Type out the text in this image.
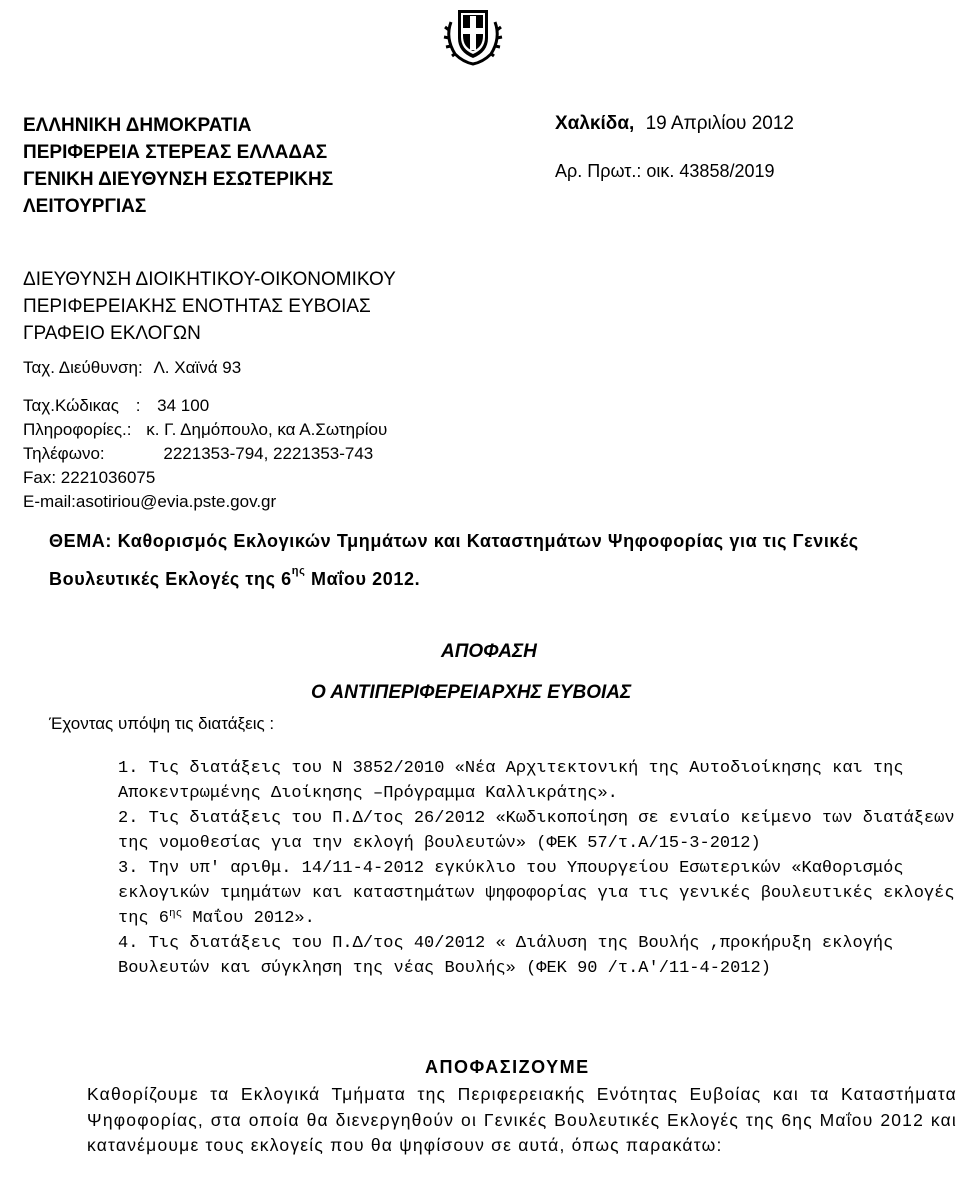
ΕΛΛΗΝΙΚΗ ΔΗΜΟΚΡΑΤΙΑ
ΠΕΡΙΦΕΡΕΙΑ ΣΤΕΡΕΑΣ ΕΛΛΑΔΑΣ
ΓΕΝΙΚΗ ΔΙΕΥΘΥΝΣΗ ΕΣΩΤΕΡΙΚΗΣ
ΛΕΙΤΟΥΡΓΙΑΣ
Χαλκίδα, 19 Απριλίου 2012
Αρ. Πρωτ.: οικ. 43858/2019
ΔΙΕΥΘΥΝΣΗ ΔΙΟΙΚΗΤΙΚΟΥ-ΟΙΚΟΝΟΜΙΚΟΥ
ΠΕΡΙΦΕΡΕΙΑΚΗΣ ΕΝΟΤΗΤΑΣ ΕΥΒΟΙΑΣ
ΓΡΑΦΕΙΟ ΕΚΛΟΓΩΝ
Ταχ. Διεύθυνση: Λ. Χαϊνά 93
Ταχ.Κώδικας : 34 100
Πληροφορίες.: κ. Γ. Δημόπουλο, κα Α.Σωτηρίου
Τηλέφωνο:	2221353-794, 2221353-743
Fax: 2221036075
E-mail:asotiriou@evia.pste.gov.gr
ΘΕΜΑ: Καθορισμός Εκλογικών Τμημάτων και Καταστημάτων Ψηφοφορίας για τις Γενικές
Βουλευτικές Εκλογές της $6^{\eta\varsigma}$ Μαΐου 2012.
ΑΠΟΦΑΣΗ
Ο ΑΝΤΙΠΕΡΙΦΕΡΕΙΑΡΧΗΣ ΕΥΒΟΙΑΣ
Έχοντας υπόψη τις διατάξεις :

1. Τις διατάξεις του Ν 3852/2010 «Νέα Αρχιτεκτονική της Αυτοδιοίκησης και της Αποκεντρωμένης Διοίκησης –Πρόγραμμα Καλλικράτης».

2. Τις διατάξεις του Π.Δ/τος 26/2012 «Κωδικοποίηση σε ενιαίο κείμενο των διατάξεων της νομοθεσίας για την εκλογή βουλευτών» (ΦΕΚ 57/τ.Α/15-3-2012)

3. Την υπ' αριθμ. 14/11-4-2012 εγκύκλιο του Υπουργείου Εσωτερικών «Καθορισμός εκλογικών τμημάτων και καταστημάτων ψηφοφορίας για τις γενικές βουλευτικές εκλογές της $6^{\eta\varsigma}$ Μαΐου 2012».

4. Τις διατάξεις του Π.Δ/τος 40/2012 « Διάλυση της Βουλής ,προκήρυξη εκλογής Βουλευτών και σύγκληση της νέας Βουλής» (ΦΕΚ 90 /τ.Α'/11-4-2012)

ΑΠΟΦΑΣΙΖΟΥΜΕ
Καθορίζουμε τα Εκλογικά Τμήματα της Περιφερειακής Ενότητας Ευβοίας και τα Καταστήματα Ψηφοφορίας, στα οποία θα διενεργηθούν οι Γενικές Βουλευτικές Εκλογές της 6ης Μαΐου 2012 και κατανέμουμε τους εκλογείς που θα ψηφίσουν σε αυτά, όπως παρακάτω:
